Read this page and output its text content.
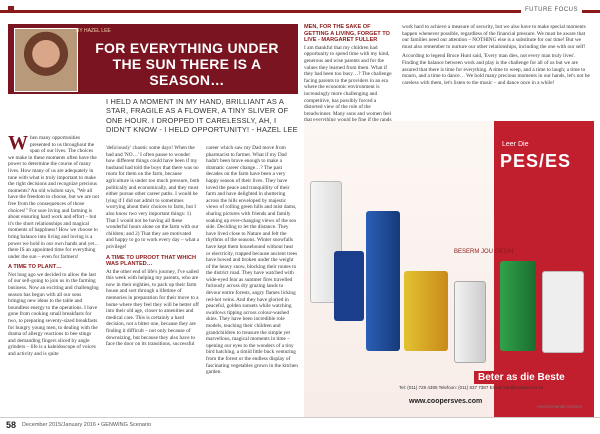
FUTURE FOCUS
BY HAZEL LEE
FOR EVERYTHING UNDER THE SUN THERE IS A SEASON…
I HELD A MOMENT IN MY HAND, BRILLIANT AS A STAR, FRAGILE AS A FLOWER, A TINY SLIVER OF ONE HOUR. I DROPPED IT CARELESSLY, AH, I DIDN'T KNOW - I HELD OPPORTUNITY! - HAZEL LEE

When many opportunities presented to us throughout the span of our lives. The choices we make in these moments often have the power to determine the course of many lives. How many of us are adequately in tune with what is truly important to make the right decisions and recognize precious moments? An old wisdom says, "We all have the freedom to choose, but we are not free from the consequences of those choices!" For sure living and farming is about ensuring hard work and effort – but it's the short relationships and magical moments of happiness! How we choose to bring balance into living and loving is a power we hold in our own hands and yet… there IS an appointed time for everything under the sun – even for farmers!

A TIME TO PLANT…

Not long ago we decided to allow the last of our sell-going to join us in the farming business. Now an exciting and challenging season has begun with all our sons bringing new ideas to the table and boundless energy to the operations. I have gone from cooking small breakfasts for two, to preparing seventy-sized breakfasts for hungry young men, to dealing with the drama of allergy reactions to bee stings and demanding fingers sliced by angle grinders – life is a kaleidoscope of voices and activity and is quite

'deliciously' chaotic some days! When the bad and 'NO…' I often pause to wonder how different things could have been if my husband had told the boys that there was no room for them on the farm, because agriculture is under too much pressure, both politically and economically, and they must either pursue other career paths. I would be lying if I did not admit to sometimes worrying about their choices to farm, but I also know two very important things: 1) That I would not be having all these wonderful hours alone on the farm with our children; and 2) That they are motivated and happy to go to work every day – what a privilege!

A TIME TO UPROOT THAT WHICH WAS PLANTED…

At the other end of life's journey, I've sailed this week with helping my parents, who are now in their eighties, to pack up their farm house and sort through a lifetime of memories in preparation for their move to a home where they feel they will be better off into their old age, closer to amenities and medical care. This is certainly a hard decision, not a bitter one, because they are finding it difficult – not only because of downsizing, but because they also have to face the door on its transitions, successful

career which saw my Dad move from pharmacist to farmer. What if my Dad hadn't been brave enough to make a dramatic career change…? The past decades on the farm have been a very happy season of their lives. They have loved the peace and tranquillity of their farm and have delighted in shuttering across the hills enveloped by majestic views of rolling green hills and mist dams, sharing pictures with friends and family soaking up ever-changing views of the sea side. Deciding to let the distance. They have lived close to Nature and felt the rhythms of the seasons. Winter snowfalls have kept them housebound without heat or electricity, trapped because ancient trees have bowed and broken under the weight of the heavy snow, blocking their routes to the district road. They have watched with wide-eyed fear as summer fires travelled furiously across dry grazing lands to devour entire forests, angry flames licking red-hot veins. And they have gloried in peaceful, golden sunsets while watching swallows tipping across colour-washed skies. They have been incredible role models, teaching their children and grandchildren to treasure the simple yet marvellous, magical moments in time – opening our eyes to the wonders of a tiny bird hatching, a timid little buck venturing from the forest or the endless display of fascinating vegetables grown in the kitchen garden.

MEN, FOR THE SAKE OF GETTING A LIVING, FORGET TO LIVE - MARGARET FULLER

I am thankful that my children had opportunity to spend time with my kind, generous and wise parents and for the values they learned from them. What if they had been too busy…? The challenge facing parents to the providers in an era where the economic environment is increasingly more challenging and competitive, has possibly forced a distorted view of the role of the breadwinner. Many sons and women feel

work hard to achieve a measure of security, but we also have to make special moments happen whenever possible, regardless of the financial pressure. We must be aware that our families need our attention – NOTHING else is a substitute for our time! But we must also remember to nurture our other relationships, including the one with our self!

According to legend Bruce Hunt said, 'Every man dies, not every man truly lives'. Finding the balance between work and play is the challenge for all of us but we are assured that there is time for everything. A time to weep, and a time to laugh; a time to mourn, and a time to dance… We hold many precious moments in our hands, let's not be careless with them, let's listen to the music – and dance once in a while!

Leer Die
PES/ES
BESERM JOU GESIN
Beter as die Beste
Tel: (011) 729 4385 Telefoon: (011) 837 7387 Email: info@coopers.co.za
www.coopersves.com	COOPERS
environmental science
58 December 2015/January 2016 • GENWING Scenario
